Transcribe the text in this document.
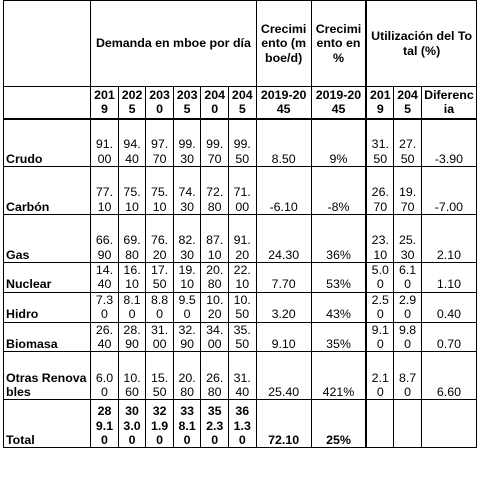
	Demanda en mboe por día						Crecimiento (mboe/d)	Crecimiento en %	Utilización del Total (%)		
	2019	2025	2030	2035	2040	2045	2019-2045	2019-2045	2019	2045	Diferencia
Crudo	91.00	94.40	97.70	99.30	99.70	99.50	8.50	9%	31.50	27.50	-3.90
Carbón	77.10	75.10	75.10	74.30	72.80	71.00	-6.10	-8%	26.70	19.70	-7.00
Gas	66.90	69.80	76.20	82.30	87.10	91.20	24.30	36%	23.10	25.30	2.10
Nuclear	14.40	16.10	17.50	19.10	20.80	22.10	7.70	53%	5.00	6.10	1.10
Hidro	7.30	8.10	8.80	9.50	10.20	10.50	3.20	43%	2.50	2.90	0.40
Biomasa	26.40	28.90	31.00	32.90	34.00	35.50	9.10	35%	9.10	9.80	0.70
Otras Renovables	6.00	10.60	15.50	20.80	26.80	31.40	25.40	421%	2.10	8.70	6.60
Total	289.10	303.00	321.90	338.10	352.30	361.30	72.10	25%			
